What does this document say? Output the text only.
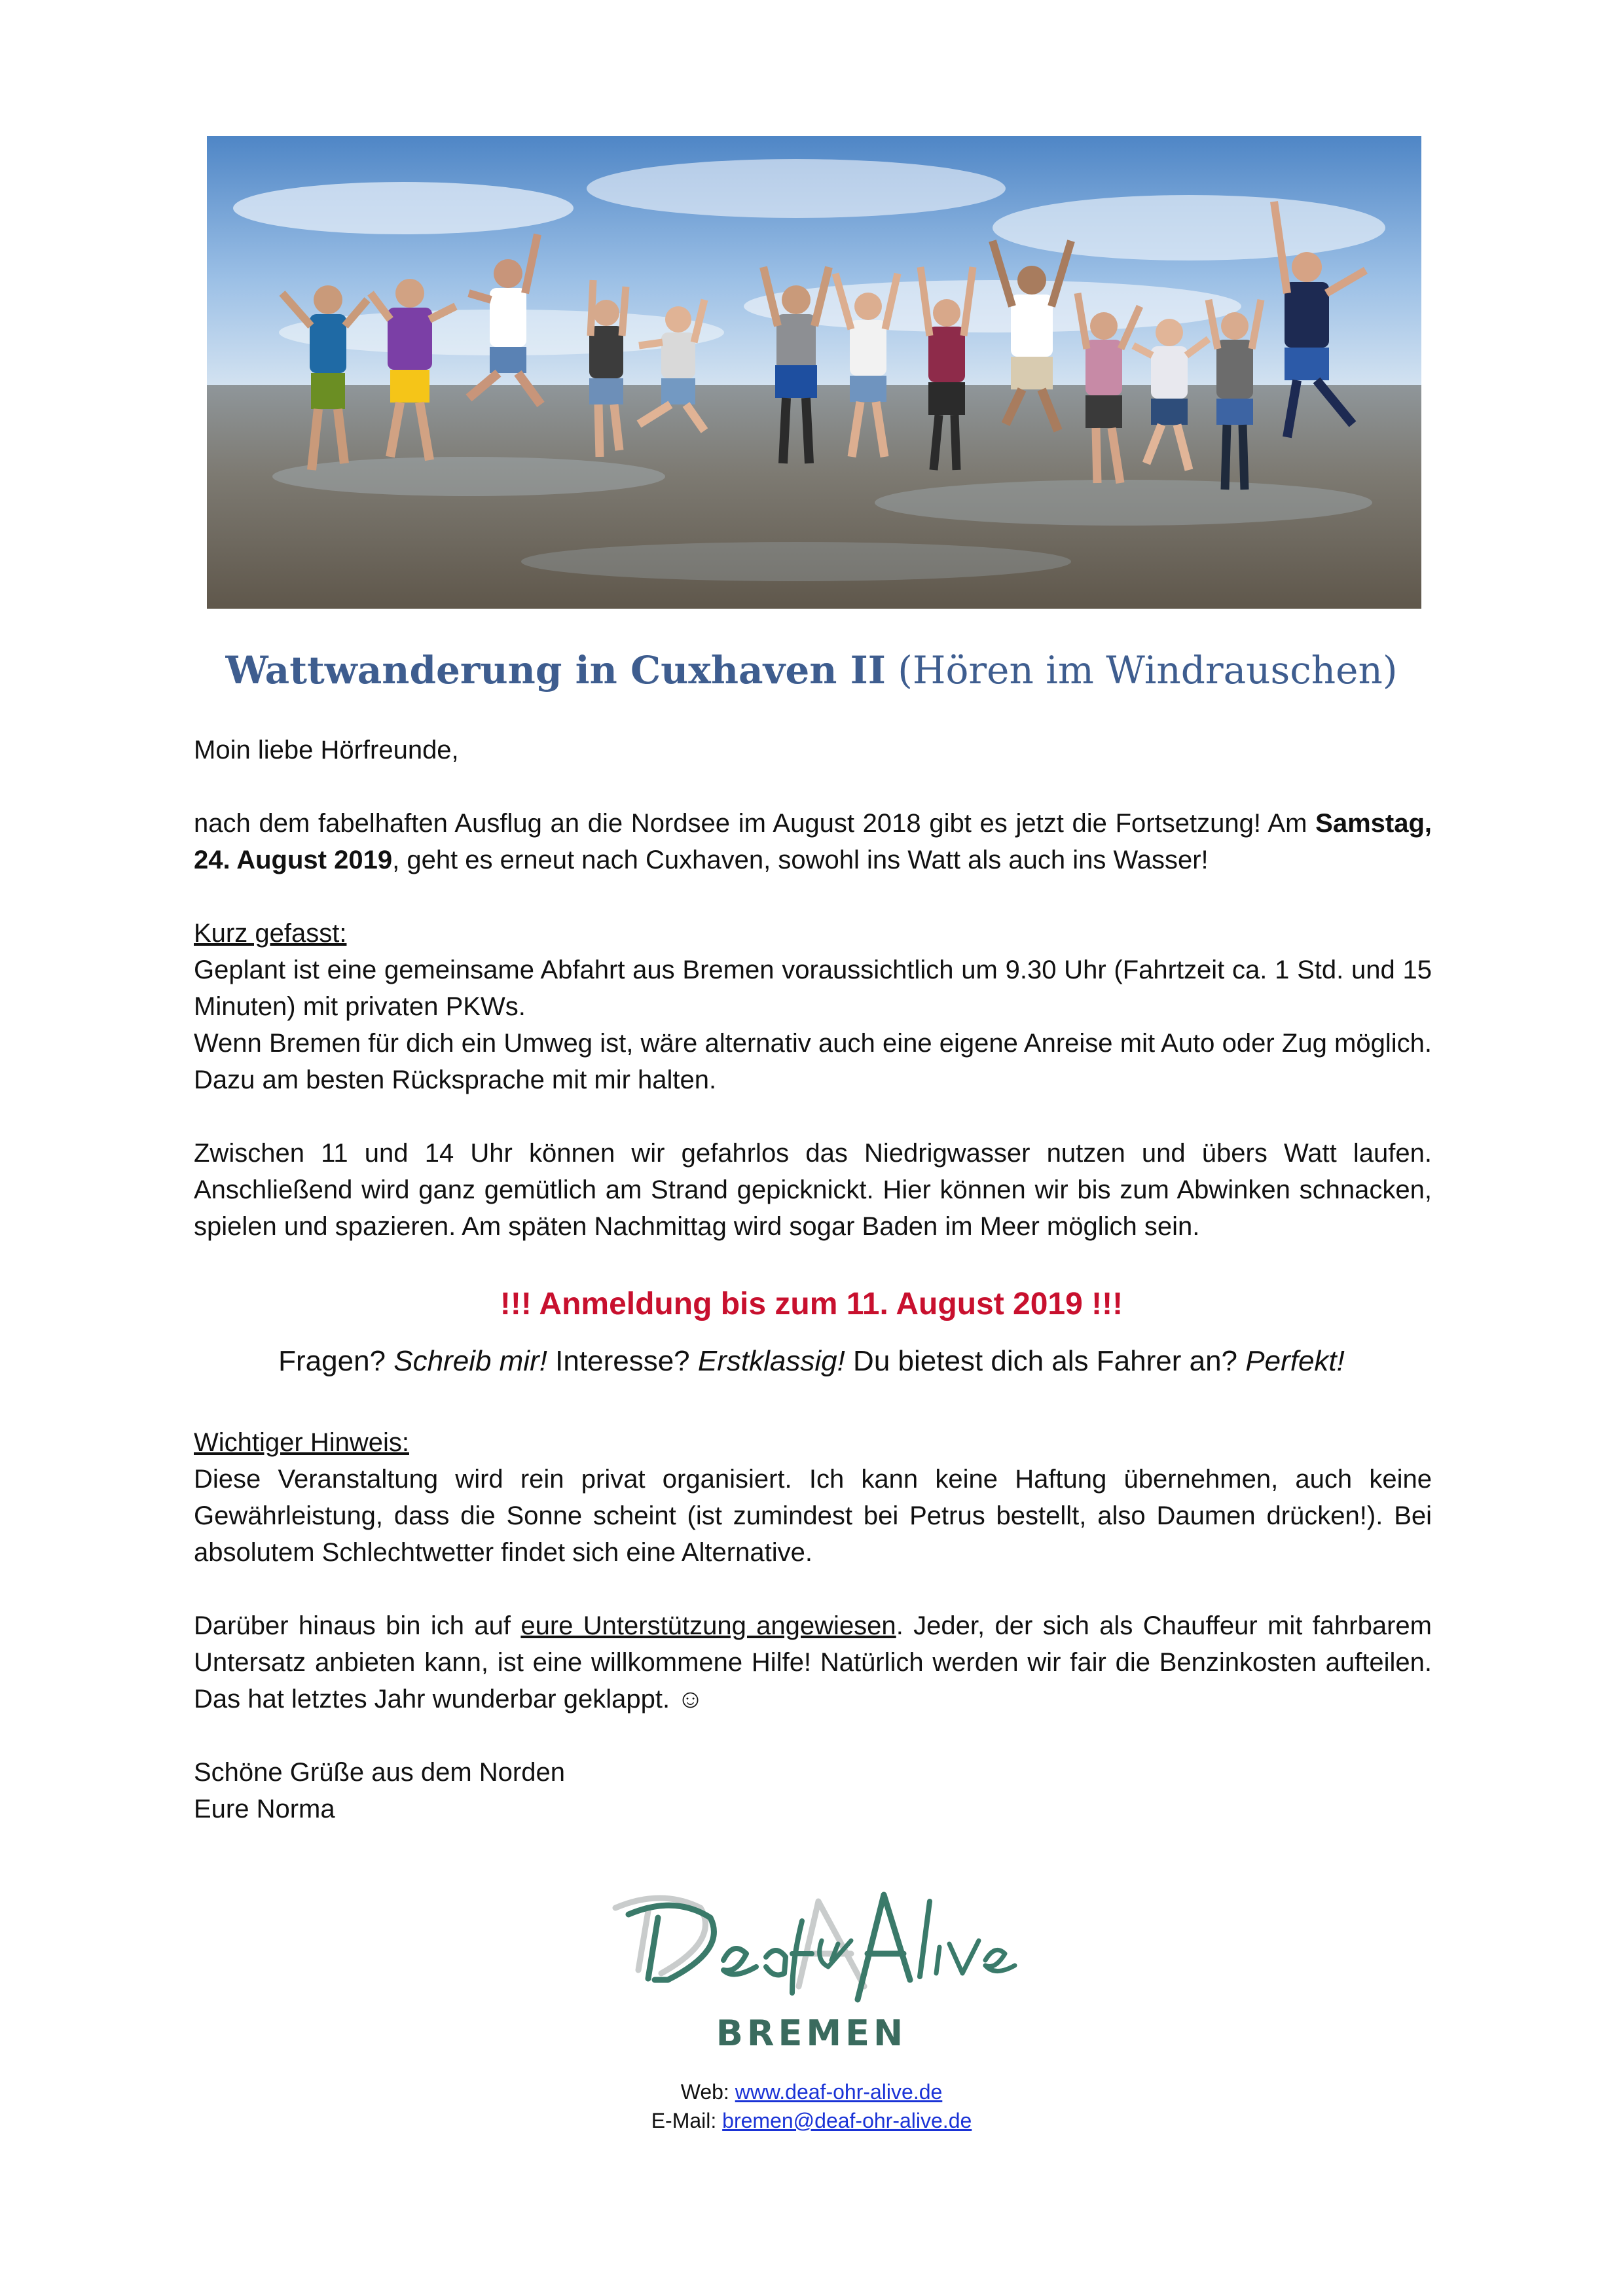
Wattwanderung in Cuxhaven II (Hören im Windrauschen)

Moin liebe Hörfreunde,

nach dem fabelhaften Ausflug an die Nordsee im August 2018 gibt es jetzt die Fortsetzung! Am Samstag, 24. August 2019, geht es erneut nach Cuxhaven, sowohl ins Watt als auch ins Wasser!

Kurz gefasst:

Geplant ist eine gemeinsame Abfahrt aus Bremen voraussichtlich um 9.30 Uhr (Fahrtzeit ca. 1 Std. und 15 Minuten) mit privaten PKWs.

Wenn Bremen für dich ein Umweg ist, wäre alternativ auch eine eigene Anreise mit Auto oder Zug möglich. Dazu am besten Rücksprache mit mir halten.

Zwischen 11 und 14 Uhr können wir gefahrlos das Niedrigwasser nutzen und übers Watt laufen. Anschließend wird ganz gemütlich am Strand gepicknickt. Hier können wir bis zum Abwinken schnacken, spielen und spazieren. Am späten Nachmittag wird sogar Baden im Meer möglich sein.

!!! Anmeldung bis zum 11. August 2019 !!!
Fragen? Schreib mir! Interesse? Erstklassig! Du bietest dich als Fahrer an? Perfekt!

Wichtiger Hinweis:

Diese Veranstaltung wird rein privat organisiert. Ich kann keine Haftung übernehmen, auch keine Gewährleistung, dass die Sonne scheint (ist zumindest bei Petrus bestellt, also Daumen drücken!). Bei absolutem Schlechtwetter findet sich eine Alternative.

Darüber hinaus bin ich auf eure Unterstützung angewiesen. Jeder, der sich als Chauffeur mit fahrbarem Untersatz anbieten kann, ist eine willkommene Hilfe! Natürlich werden wir fair die Benzinkosten aufteilen. Das hat letztes Jahr wunderbar geklappt. ☺

Schöne Grüße aus dem Norden

Eure Norma

BREMEN
Web: www.deaf-ohr-alive.de
E-Mail: bremen@deaf-ohr-alive.de
